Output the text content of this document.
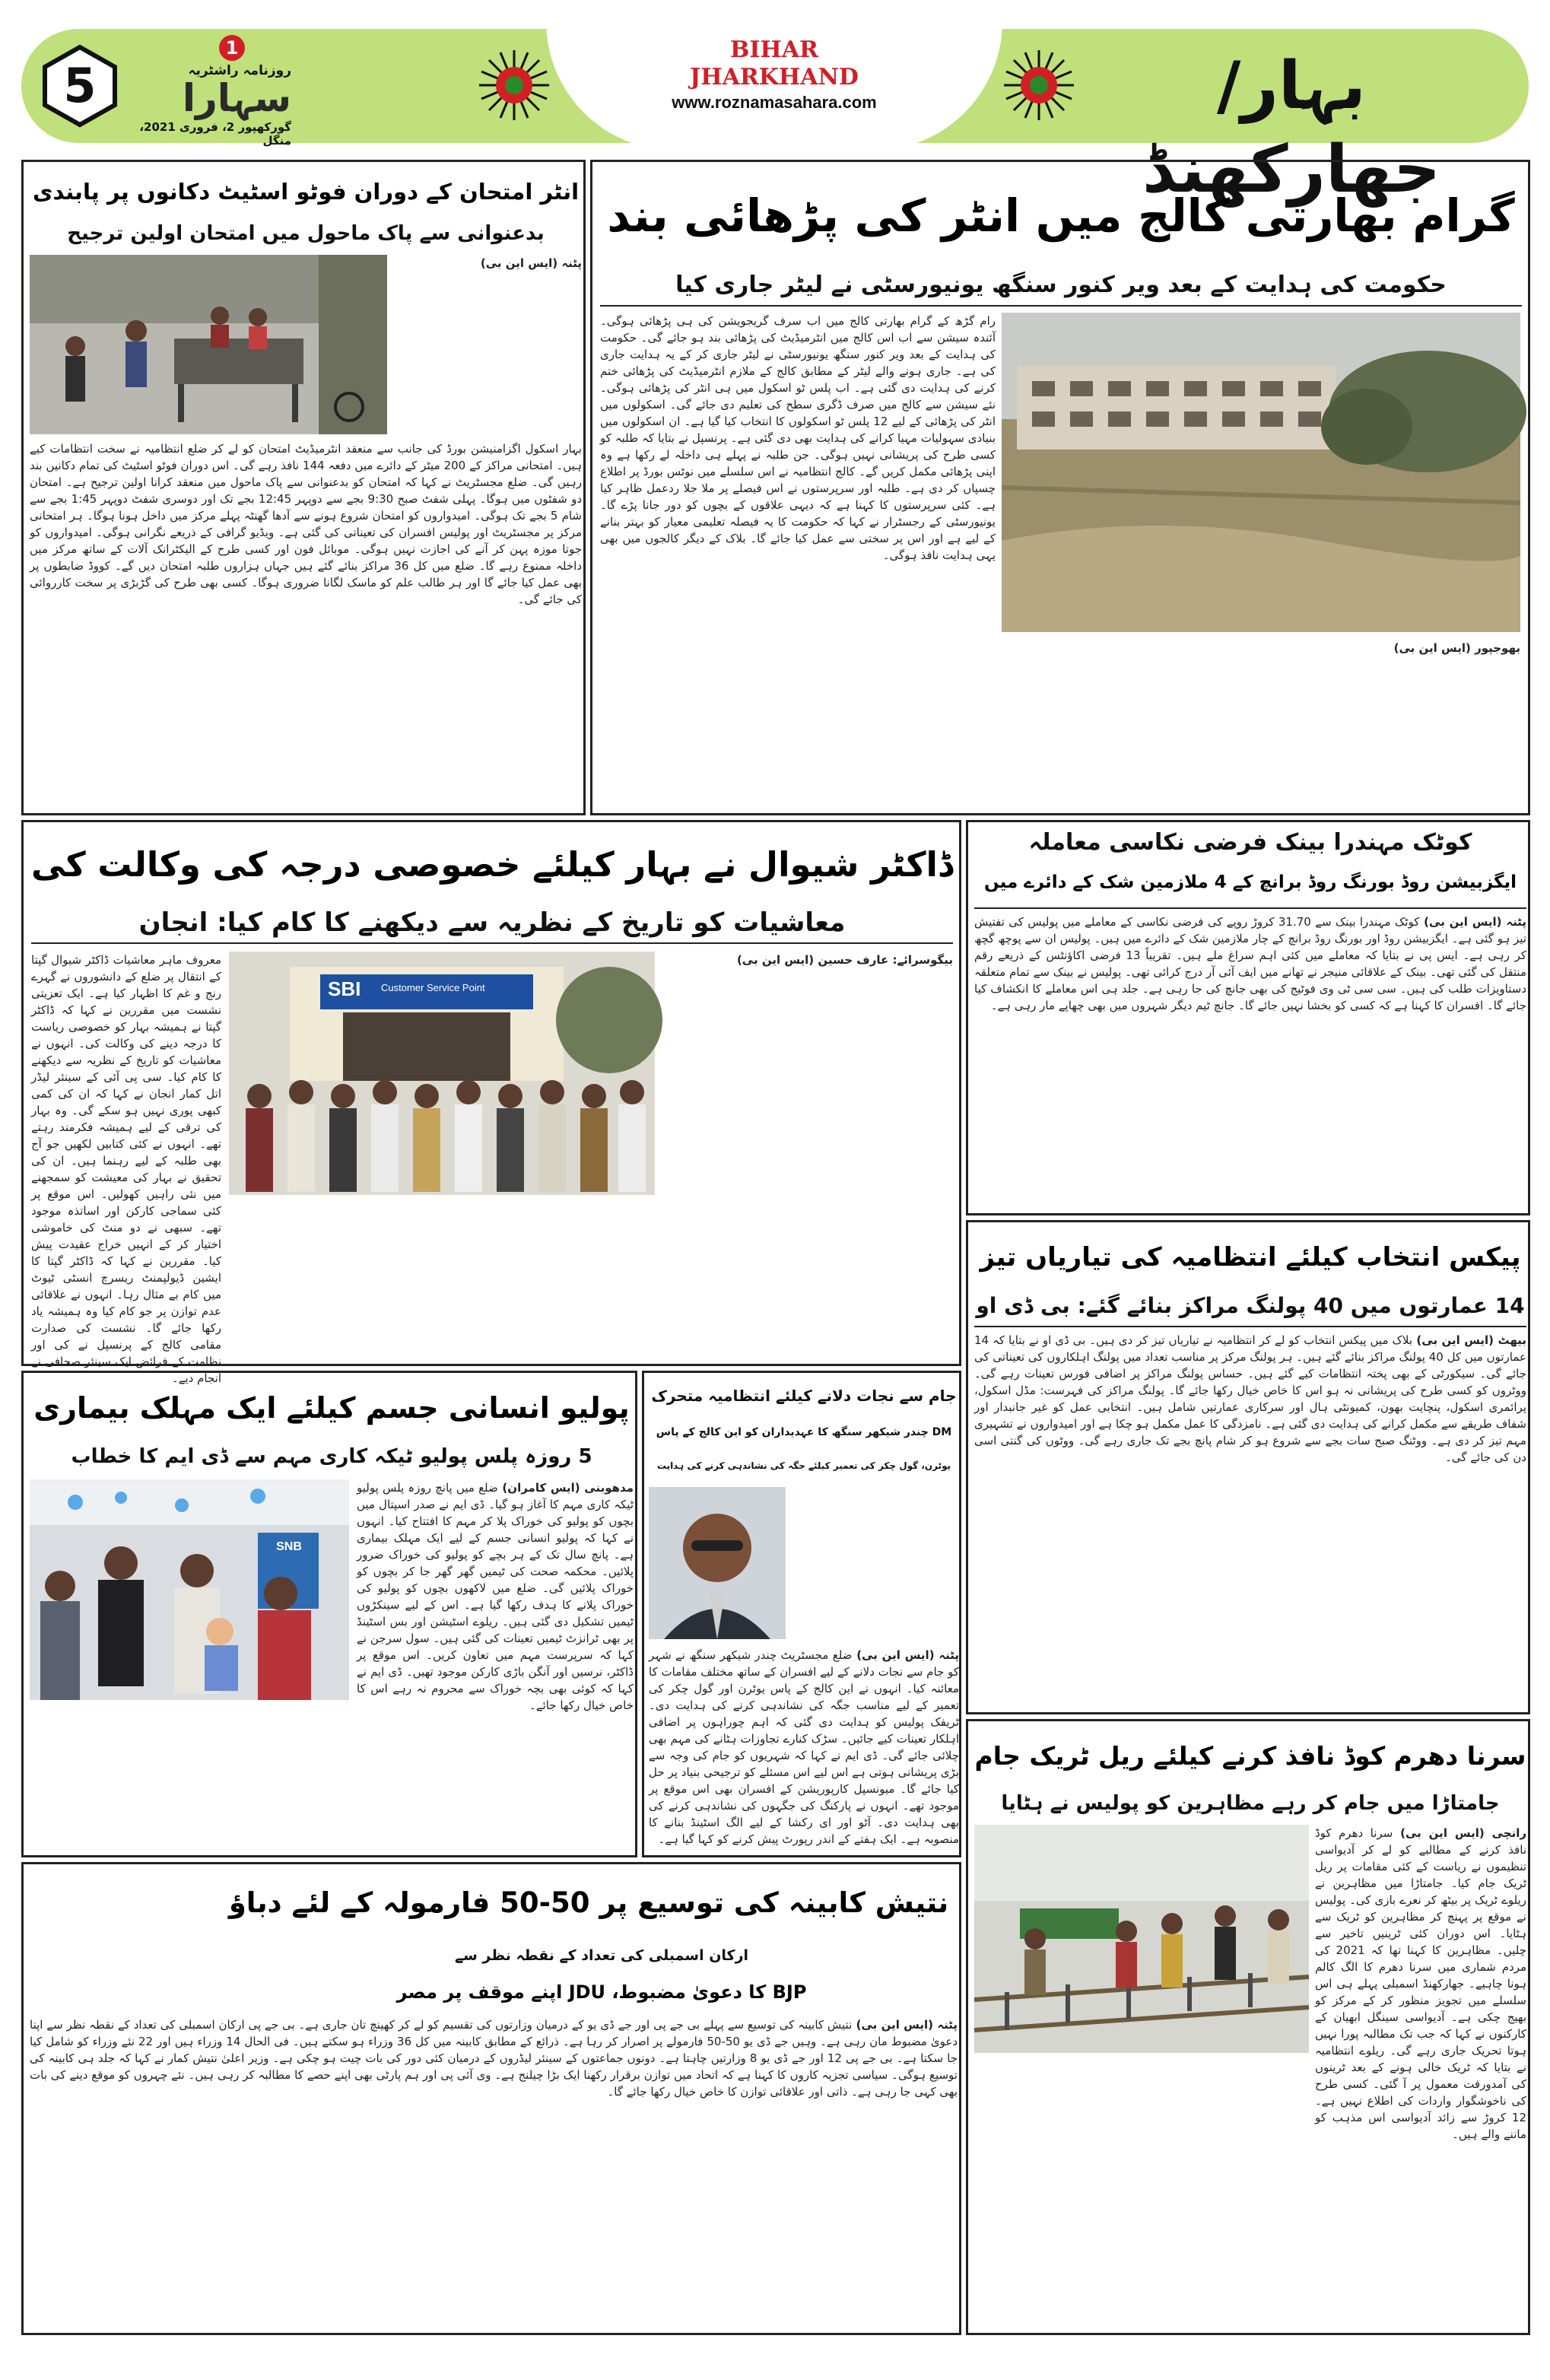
5
1
روزنامہ راشٹریہ
سہارا
گورکھپور 2، فروری 2021، منگل
BIHAR
JHARKHAND
www.roznamasahara.com	بہار/جھارکھنڈ
گرام بھارتی کالج میں انٹر کی پڑھائی بند
حکومت کی ہدایت کے بعد ویر کنور سنگھ یونیورسٹی نے لیٹر جاری کیا
رام گڑھ کے گرام بھارتی کالج میں اب سرف گریجویشن کی ہی پڑھائی ہوگی۔ آئندہ سیشن سے اب اس کالج میں انٹرمیڈیٹ کی پڑھائی بند ہو جائے گی۔ حکومت کی ہدایت کے بعد ویر کنور سنگھ یونیورسٹی نے لیٹر جاری کر کے یہ ہدایت جاری کی ہے۔ جاری ہونے والے لیٹر کے مطابق کالج کے ملازم انٹرمیڈیٹ کی پڑھائی ختم کرنے کی ہدایت دی گئی ہے۔ اب پلس ٹو اسکول میں ہی انٹر کی پڑھائی ہوگی۔ نئے سیشن سے کالج میں صرف ڈگری سطح کی تعلیم دی جائے گی۔ اسکولوں میں انٹر کی پڑھائی کے لیے 12 پلس ٹو اسکولوں کا انتخاب کیا گیا ہے۔ ان اسکولوں میں بنیادی سہولیات مہیا کرانے کی ہدایت بھی دی گئی ہے۔ پرنسپل نے بتایا کہ طلبہ کو کسی طرح کی پریشانی نہیں ہوگی۔ جن طلبہ نے پہلے ہی داخلہ لے رکھا ہے وہ اپنی پڑھائی مکمل کریں گے۔ کالج انتظامیہ نے اس سلسلے میں نوٹس بورڈ پر اطلاع چسپاں کر دی ہے۔ طلبہ اور سرپرستوں نے اس فیصلے پر ملا جلا ردعمل ظاہر کیا ہے۔ کئی سرپرستوں کا کہنا ہے کہ دیہی علاقوں کے بچوں کو دور جانا پڑے گا۔ یونیورسٹی کے رجسٹرار نے کہا کہ حکومت کا یہ فیصلہ تعلیمی معیار کو بہتر بنانے کے لیے ہے اور اس پر سختی سے عمل کیا جائے گا۔ بلاک کے دیگر کالجوں میں بھی یہی ہدایت نافذ ہوگی۔
بھوجپور (ایس این بی)
انٹر امتحان کے دوران فوٹو اسٹیٹ دکانوں پر پابندی
بدعنوانی سے پاک ماحول میں امتحان اولین ترجیح
بہار اسکول اگزامنیشن بورڈ کی جانب سے منعقد انٹرمیڈیٹ امتحان کو لے کر ضلع انتظامیہ نے سخت انتظامات کیے ہیں۔ امتحانی مراکز کے 200 میٹر کے دائرے میں دفعہ 144 نافذ رہے گی۔ اس دوران فوٹو اسٹیٹ کی تمام دکانیں بند رہیں گی۔ ضلع مجسٹریٹ نے کہا کہ امتحان کو بدعنوانی سے پاک ماحول میں منعقد کرانا اولین ترجیح ہے۔ امتحان دو شفٹوں میں ہوگا۔ پہلی شفٹ صبح 9:30 بجے سے دوپہر 12:45 بجے تک اور دوسری شفٹ دوپہر 1:45 بجے سے شام 5 بجے تک ہوگی۔ امیدواروں کو امتحان شروع ہونے سے آدھا گھنٹہ پہلے مرکز میں داخل ہونا ہوگا۔ ہر امتحانی مرکز پر مجسٹریٹ اور پولیس افسران کی تعیناتی کی گئی ہے۔ ویڈیو گرافی کے ذریعے نگرانی ہوگی۔ امیدواروں کو جوتا موزہ پہن کر آنے کی اجازت نہیں ہوگی۔ موبائل فون اور کسی طرح کے الیکٹرانک آلات کے ساتھ مرکز میں داخلہ ممنوع رہے گا۔ ضلع میں کل 36 مراکز بنائے گئے ہیں جہاں ہزاروں طلبہ امتحان دیں گے۔ کووڈ ضابطوں پر بھی عمل کیا جائے گا اور ہر طالب علم کو ماسک لگانا ضروری ہوگا۔ کسی بھی طرح کی گڑبڑی پر سخت کارروائی کی جائے گی۔
پٹنہ (ایس این بی)
ڈاکٹر شیوال نے بہار کیلئے خصوصی درجہ کی وکالت کی
معاشیات کو تاریخ کے نظریہ سے دیکھنے کا کام کیا: انجان
SBI	Customer Service Point
معروف ماہر معاشیات ڈاکٹر شیوال گپتا کے انتقال پر ضلع کے دانشوروں نے گہرے رنج و غم کا اظہار کیا ہے۔ ایک تعزیتی نشست میں مقررین نے کہا کہ ڈاکٹر گپتا نے ہمیشہ بہار کو خصوصی ریاست کا درجہ دینے کی وکالت کی۔ انہوں نے معاشیات کو تاریخ کے نظریہ سے دیکھنے کا کام کیا۔ سی پی آئی کے سینئر لیڈر اتل کمار انجان نے کہا کہ ان کی کمی کبھی پوری نہیں ہو سکے گی۔ وہ بہار کی ترقی کے لیے ہمیشہ فکرمند رہتے تھے۔ انہوں نے کئی کتابیں لکھیں جو آج بھی طلبہ کے لیے رہنما ہیں۔ ان کی تحقیق نے بہار کی معیشت کو سمجھنے میں نئی راہیں کھولیں۔ اس موقع پر کئی سماجی کارکن اور اساتذہ موجود تھے۔ سبھی نے دو منٹ کی خاموشی اختیار کر کے انہیں خراج عقیدت پیش کیا۔ مقررین نے کہا کہ ڈاکٹر گپتا کا ایشین ڈیولپمنٹ ریسرچ انسٹی ٹیوٹ میں کام بے مثال رہا۔ انہوں نے علاقائی عدم توازن پر جو کام کیا وہ ہمیشہ یاد رکھا جائے گا۔ نشست کی صدارت مقامی کالج کے پرنسپل نے کی اور نظامت کے فرائض ایک سینئر صحافی نے انجام دیے۔
بیگوسرائے: عارف حسین (ایس این بی)
کوٹک مہندرا بینک فرضی نکاسی معاملہ
ایگزبیشن روڈ بورنگ روڈ برانچ کے 4 ملازمین شک کے دائرے میں
پٹنہ (ایس این بی) کوٹک مہندرا بینک سے 31.70 کروڑ روپے کی فرضی نکاسی کے معاملے میں پولیس کی تفتیش تیز ہو گئی ہے۔ ایگزبیشن روڈ اور بورنگ روڈ برانچ کے چار ملازمین شک کے دائرے میں ہیں۔ پولیس ان سے پوچھ گچھ کر رہی ہے۔ ایس پی نے بتایا کہ معاملے میں کئی اہم سراغ ملے ہیں۔ تقریباً 13 فرضی اکاؤنٹس کے ذریعے رقم منتقل کی گئی تھی۔ بینک کے علاقائی منیجر نے تھانے میں ایف آئی آر درج کرائی تھی۔ پولیس نے بینک سے تمام متعلقہ دستاویزات طلب کی ہیں۔ سی سی ٹی وی فوٹیج کی بھی جانچ کی جا رہی ہے۔ جلد ہی اس معاملے کا انکشاف کیا جائے گا۔ افسران کا کہنا ہے کہ کسی کو بخشا نہیں جائے گا۔ جانچ ٹیم دیگر شہروں میں بھی چھاپے مار رہی ہے۔
پیکس انتخاب کیلئے انتظامیہ کی تیاریاں تیز
14 عمارتوں میں 40 پولنگ مراکز بنائے گئے: بی ڈی او
بیھٹ (ایس این بی) بلاک میں پیکس انتخاب کو لے کر انتظامیہ نے تیاریاں تیز کر دی ہیں۔ بی ڈی او نے بتایا کہ 14 عمارتوں میں کل 40 پولنگ مراکز بنائے گئے ہیں۔ ہر پولنگ مرکز پر مناسب تعداد میں پولنگ اہلکاروں کی تعیناتی کی جائے گی۔ سیکورٹی کے بھی پختہ انتظامات کیے گئے ہیں۔ حساس پولنگ مراکز پر اضافی فورس تعینات رہے گی۔ ووٹروں کو کسی طرح کی پریشانی نہ ہو اس کا خاص خیال رکھا جائے گا۔ پولنگ مراکز کی فہرست: مڈل اسکول، پرائمری اسکول، پنچایت بھون، کمیونٹی ہال اور سرکاری عمارتیں شامل ہیں۔ انتخابی عمل کو غیر جانبدار اور شفاف طریقے سے مکمل کرانے کی ہدایت دی گئی ہے۔ نامزدگی کا عمل مکمل ہو چکا ہے اور امیدواروں نے تشہیری مہم تیز کر دی ہے۔ ووٹنگ صبح سات بجے سے شروع ہو کر شام پانچ بجے تک جاری رہے گی۔ ووٹوں کی گنتی اسی دن کی جائے گی۔
پولیو انسانی جسم کیلئے ایک مہلک بیماری
5 روزہ پلس پولیو ٹیکہ کاری مہم سے ڈی ایم کا خطاب
SNB
مدھوبنی (ایس کامران) ضلع میں پانچ روزہ پلس پولیو ٹیکہ کاری مہم کا آغاز ہو گیا۔ ڈی ایم نے صدر اسپتال میں بچوں کو پولیو کی خوراک پلا کر مہم کا افتتاح کیا۔ انہوں نے کہا کہ پولیو انسانی جسم کے لیے ایک مہلک بیماری ہے۔ پانچ سال تک کے ہر بچے کو پولیو کی خوراک ضرور پلائیں۔ محکمہ صحت کی ٹیمیں گھر گھر جا کر بچوں کو خوراک پلائیں گی۔ ضلع میں لاکھوں بچوں کو پولیو کی خوراک پلانے کا ہدف رکھا گیا ہے۔ اس کے لیے سینکڑوں ٹیمیں تشکیل دی گئی ہیں۔ ریلوے اسٹیشن اور بس اسٹینڈ پر بھی ٹرانزٹ ٹیمیں تعینات کی گئی ہیں۔ سول سرجن نے کہا کہ سرپرست مہم میں تعاون کریں۔ اس موقع پر ڈاکٹر، نرسیں اور آنگن باڑی کارکن موجود تھیں۔ ڈی ایم نے کہا کہ کوئی بھی بچہ خوراک سے محروم نہ رہے اس کا خاص خیال رکھا جائے۔
جام سے نجات دلانے کیلئے انتظامیہ متحرک
DM چندر شیکھر سنگھ کا عہدیداران کو این کالج کے پاس
یوٹرن، گول چکر کی تعمیر کیلئے جگہ کی نشاندہی کرنے کی ہدایت
پٹنہ (ایس این بی) ضلع مجسٹریٹ چندر شیکھر سنگھ نے شہر کو جام سے نجات دلانے کے لیے افسران کے ساتھ مختلف مقامات کا معائنہ کیا۔ انہوں نے این کالج کے پاس یوٹرن اور گول چکر کی تعمیر کے لیے مناسب جگہ کی نشاندہی کرنے کی ہدایت دی۔ ٹریفک پولیس کو ہدایت دی گئی کہ اہم چوراہوں پر اضافی اہلکار تعینات کیے جائیں۔ سڑک کنارے تجاوزات ہٹانے کی مہم بھی چلائی جائے گی۔ ڈی ایم نے کہا کہ شہریوں کو جام کی وجہ سے بڑی پریشانی ہوتی ہے اس لیے اس مسئلے کو ترجیحی بنیاد پر حل کیا جائے گا۔ میونسپل کارپوریشن کے افسران بھی اس موقع پر موجود تھے۔ انہوں نے پارکنگ کی جگہوں کی نشاندہی کرنے کی بھی ہدایت دی۔ آٹو اور ای رکشا کے لیے الگ اسٹینڈ بنانے کا منصوبہ ہے۔ ایک ہفتے کے اندر رپورٹ پیش کرنے کو کہا گیا ہے۔
سرنا دھرم کوڈ نافذ کرنے کیلئے ریل ٹریک جام
جامتاڑا میں جام کر رہے مظاہرین کو پولیس نے ہٹایا
رانچی (ایس این بی) سرنا دھرم کوڈ نافذ کرنے کے مطالبے کو لے کر آدیواسی تنظیموں نے ریاست کے کئی مقامات پر ریل ٹریک جام کیا۔ جامتاڑا میں مظاہرین نے ریلوے ٹریک پر بیٹھ کر نعرے بازی کی۔ پولیس نے موقع پر پہنچ کر مظاہرین کو ٹریک سے ہٹایا۔ اس دوران کئی ٹرینیں تاخیر سے چلیں۔ مظاہرین کا کہنا تھا کہ 2021 کی مردم شماری میں سرنا دھرم کا الگ کالم ہونا چاہیے۔ جھارکھنڈ اسمبلی پہلے ہی اس سلسلے میں تجویز منظور کر کے مرکز کو بھیج چکی ہے۔ آدیواسی سینگل ابھیان کے کارکنوں نے کہا کہ جب تک مطالبہ پورا نہیں ہوتا تحریک جاری رہے گی۔ ریلوے انتظامیہ نے بتایا کہ ٹریک خالی ہونے کے بعد ٹرینوں کی آمدورفت معمول پر آ گئی۔ کسی طرح کی ناخوشگوار واردات کی اطلاع نہیں ہے۔ 12 کروڑ سے زائد آدیواسی اس مذہب کو ماننے والے ہیں۔
نتیش کابینہ کی توسیع پر 50-50 فارمولہ کے لئے دباؤ
ارکان اسمبلی کی تعداد کے نقطہ نظر سے
BJP کا دعویٰ مضبوط، JDU اپنے موقف پر مصر
پٹنہ (ایس این بی) نتیش کابینہ کی توسیع سے پہلے بی جے پی اور جے ڈی یو کے درمیان وزارتوں کی تقسیم کو لے کر کھینچ تان جاری ہے۔ بی جے پی ارکان اسمبلی کی تعداد کے نقطہ نظر سے اپنا دعویٰ مضبوط مان رہی ہے۔ وہیں جے ڈی یو 50-50 فارمولے پر اصرار کر رہا ہے۔ ذرائع کے مطابق کابینہ میں کل 36 وزراء ہو سکتے ہیں۔ فی الحال 14 وزراء ہیں اور 22 نئے وزراء کو شامل کیا جا سکتا ہے۔ بی جے پی 12 اور جے ڈی یو 8 وزارتیں چاہتا ہے۔ دونوں جماعتوں کے سینئر لیڈروں کے درمیان کئی دور کی بات چیت ہو چکی ہے۔ وزیر اعلیٰ نتیش کمار نے کہا کہ جلد ہی کابینہ کی توسیع ہوگی۔ سیاسی تجزیہ کاروں کا کہنا ہے کہ اتحاد میں توازن برقرار رکھنا ایک بڑا چیلنج ہے۔ وی آئی پی اور ہم پارٹی بھی اپنے حصے کا مطالبہ کر رہی ہیں۔ نئے چہروں کو موقع دینے کی بات بھی کہی جا رہی ہے۔ ذاتی اور علاقائی توازن کا خاص خیال رکھا جائے گا۔
